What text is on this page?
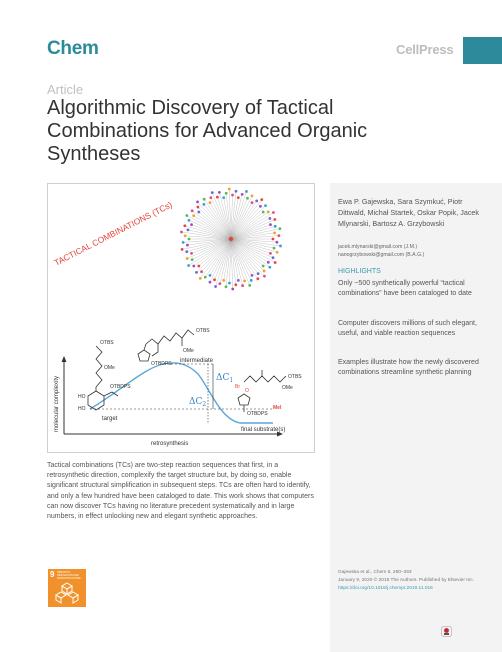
Chem	CellPress
Article
Algorithmic Discovery of Tactical Combinations for Advanced Organic Syntheses
TACTICAL COMBINATIONS (TCs)
molecular complexity
retrosynthesis
$\Delta C_1$
$\Delta C_2$
OTBS
OMe
OTBDPS intermediate
OTBS
OMe
OTBDPS
HO
HO
target
OTBS
OMe
Br
O
MeI
OTBDPS
final substrate(s)
Ewa P. Gajewska, Sara Szymkuć, Piotr Dittwald, Michał Startek, Oskar Popik, Jacek Mlynarski, Bartosz A. Grzybowski
jacek.mlynarski@gmail.com (J.M.)
nanogrzybowski@gmail.com (B.A.G.)
HIGHLIGHTS
Only ~500 synthetically powerful “tactical combinations” have been cataloged to date
Computer discovers millions of such elegant, useful, and viable reaction sequences
Examples illustrate how the newly discovered combinations streamline synthetic planning
Gajewska et al., Chem 6, 280–293
January 9, 2020 © 2019 The Authors. Published by Elsevier Inc.
https://doi.org/10.1016/j.chempr.2019.11.016
Tactical combinations (TCs) are two-step reaction sequences that first, in a retrosynthetic direction, complexify the target structure but, by doing so, enable significant structural simplification in subsequent steps. TCs are often hard to identify, and only a few hundred have been cataloged to date. This work shows that computers can now discover TCs having no literature precedent systematically and in large numbers, in effect unlocking new and elegant synthetic approaches.
9 INDUSTRY, INNOVATION AND INFRASTRUCTURE
